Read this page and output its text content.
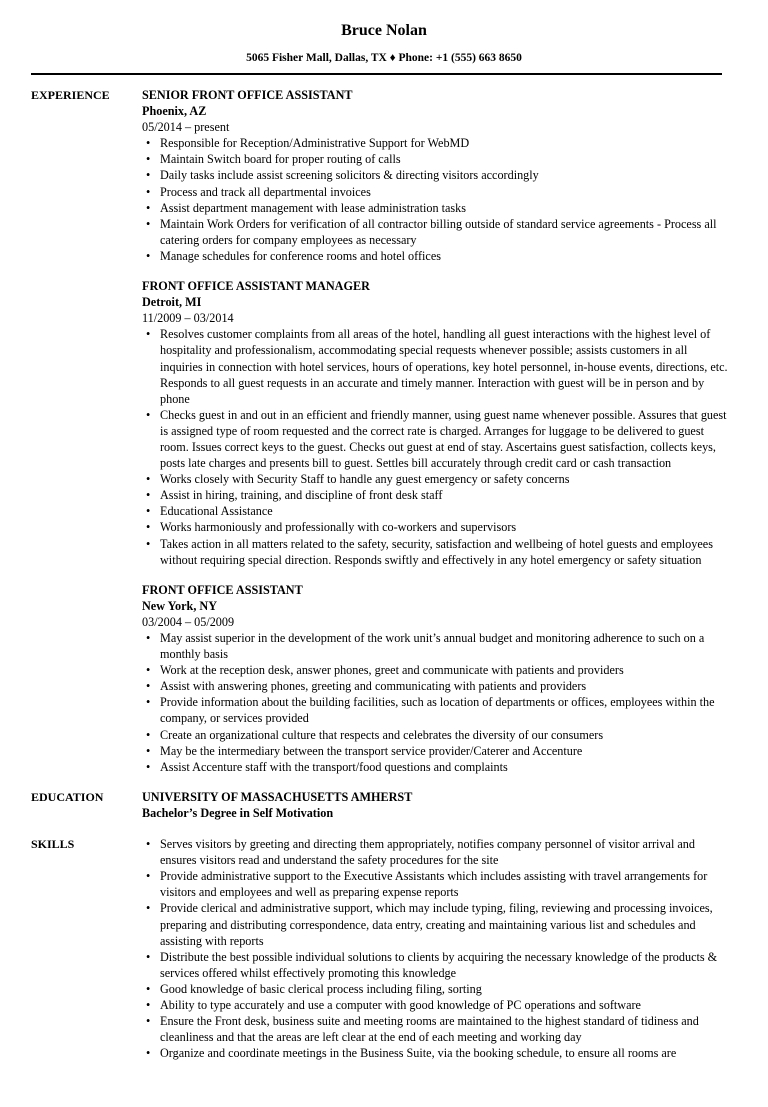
Bruce Nolan
5065 Fisher Mall, Dallas, TX ♦ Phone: +1 (555) 663 8650
EXPERIENCE	SENIOR FRONT OFFICE ASSISTANT
Phoenix, AZ
05/2014 – present
• Responsible for Reception/Administrative Support for WebMD
• Maintain Switch board for proper routing of calls
• Daily tasks include assist screening solicitors & directing visitors accordingly
• Process and track all departmental invoices
• Assist department management with lease administration tasks
• Maintain Work Orders for verification of all contractor billing outside of standard service agreements - Process all catering orders for company employees as necessary
• Manage schedules for conference rooms and hotel offices
FRONT OFFICE ASSISTANT MANAGER
Detroit, MI
11/2009 – 03/2014
• Resolves customer complaints from all areas of the hotel, handling all guest interactions with the highest level of hospitality and professionalism, accommodating special requests whenever possible; assists customers in all inquiries in connection with hotel services, hours of operations, key hotel personnel, in-house events, directions, etc. Responds to all guest requests in an accurate and timely manner. Interaction with guest will be in person and by phone
• Checks guest in and out in an efficient and friendly manner, using guest name whenever possible. Assures that guest is assigned type of room requested and the correct rate is charged. Arranges for luggage to be delivered to guest room. Issues correct keys to the guest. Checks out guest at end of stay. Ascertains guest satisfaction, collects keys, posts late charges and presents bill to guest. Settles bill accurately through credit card or cash transaction
• Works closely with Security Staff to handle any guest emergency or safety concerns
• Assist in hiring, training, and discipline of front desk staff
• Educational Assistance
• Works harmoniously and professionally with co-workers and supervisors
• Takes action in all matters related to the safety, security, satisfaction and wellbeing of hotel guests and employees without requiring special direction. Responds swiftly and effectively in any hotel emergency or safety situation
FRONT OFFICE ASSISTANT
New York, NY
03/2004 – 05/2009
• May assist superior in the development of the work unit’s annual budget and monitoring adherence to such on a monthly basis
• Work at the reception desk, answer phones, greet and communicate with patients and providers
• Assist with answering phones, greeting and communicating with patients and providers
• Provide information about the building facilities, such as location of departments or offices, employees within the company, or services provided
• Create an organizational culture that respects and celebrates the diversity of our consumers
• May be the intermediary between the transport service provider/Caterer and Accenture
• Assist Accenture staff with the transport/food questions and complaints
EDUCATION	UNIVERSITY OF MASSACHUSETTS AMHERST
Bachelor’s Degree in Self Motivation
SKILLS
•	Serves visitors by greeting and directing them appropriately, notifies company personnel of visitor arrival and ensures visitors read and understand the safety procedures for the site
• Provide administrative support to the Executive Assistants which includes assisting with travel arrangements for visitors and employees and well as preparing expense reports
• Provide clerical and administrative support, which may include typing, filing, reviewing and processing invoices, preparing and distributing correspondence, data entry, creating and maintaining various list and schedules and assisting with reports
• Distribute the best possible individual solutions to clients by acquiring the necessary knowledge of the products & services offered whilst effectively promoting this knowledge
• Good knowledge of basic clerical process including filing, sorting
• Ability to type accurately and use a computer with good knowledge of PC operations and software
• Ensure the Front desk, business suite and meeting rooms are maintained to the highest standard of tidiness and cleanliness and that the areas are left clear at the end of each meeting and working day
• Organize and coordinate meetings in the Business Suite, via the booking schedule, to ensure all rooms are
